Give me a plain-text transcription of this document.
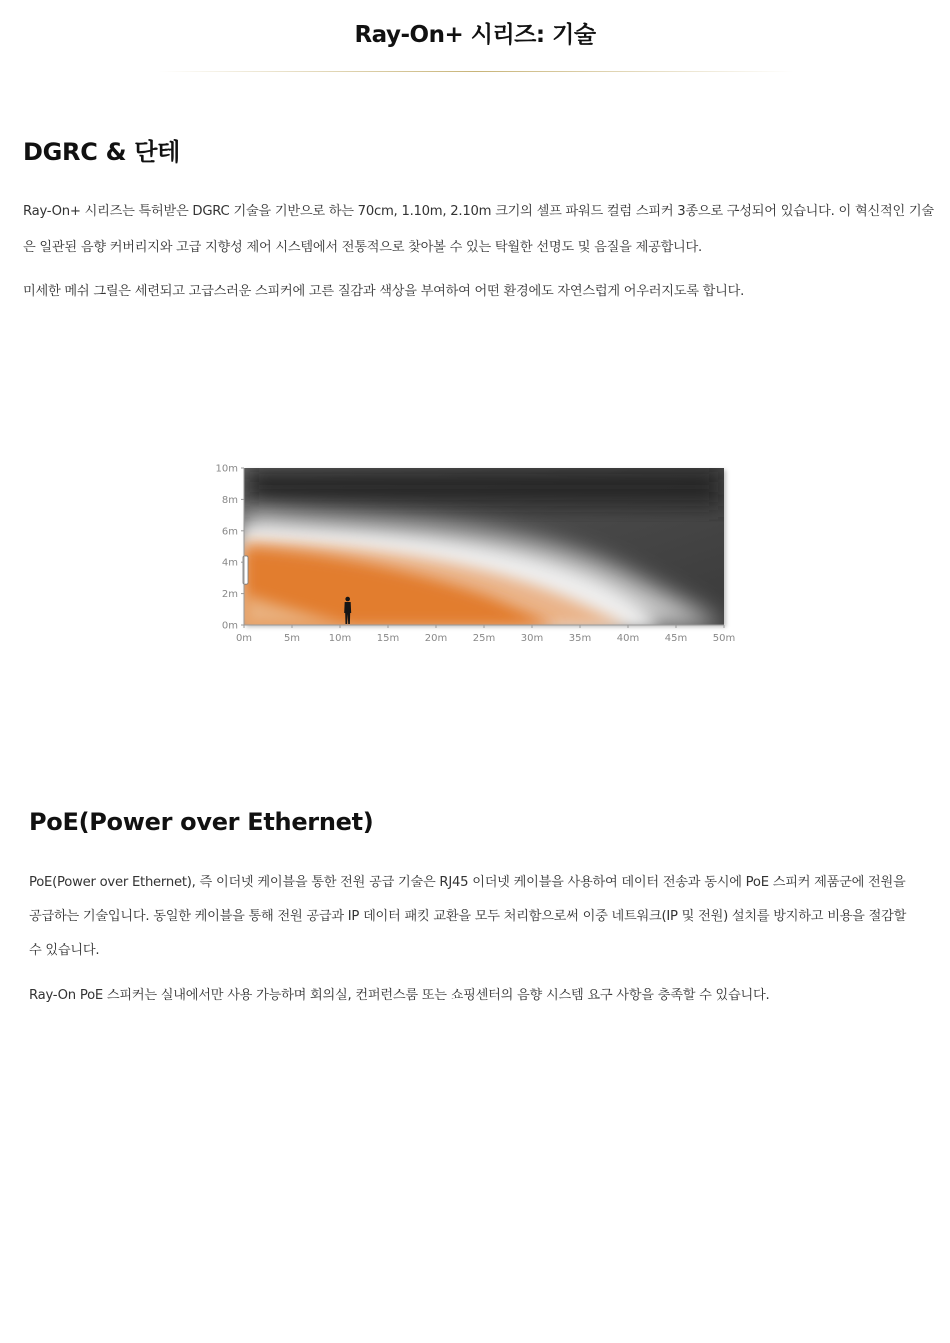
Ray-On+ 시리즈: 기술
DGRC & 단테

Ray-On+ 시리즈는 특허받은 DGRC 기술을 기반으로 하는 70cm, 1.10m, 2.10m 크기의 셀프 파워드 컬럼 스피커 3종으로 구성되어 있습니다. 이 혁신적인 기술은 일관된 음향 커버리지와 고급 지향성 제어 시스템에서 전통적으로 찾아볼 수 있는 탁월한 선명도 및 음질을 제공합니다.

미세한 메쉬 그릴은 세련되고 고급스러운 스피커에 고른 질감과 색상을 부여하여 어떤 환경에도 자연스럽게 어우러지도록 합니다.

0m	5m	10m	15m	20m	25m	30m	35m	40m	45m	50m
0m
2m
4m
6m
8m
10m
PoE(Power over Ethernet)

PoE(Power over Ethernet), 즉 이더넷 케이블을 통한 전원 공급 기술은 RJ45 이더넷 케이블을 사용하여 데이터 전송과 동시에 PoE 스피커 제품군에 전원을 공급하는 기술입니다. 동일한 케이블을 통해 전원 공급과 IP 데이터 패킷 교환을 모두 처리함으로써 이중 네트워크(IP 및 전원) 설치를 방지하고 비용을 절감할 수 있습니다.

Ray-On PoE 스피커는 실내에서만 사용 가능하며 회의실, 컨퍼런스룸 또는 쇼핑센터의 음향 시스템 요구 사항을 충족할 수 있습니다.
